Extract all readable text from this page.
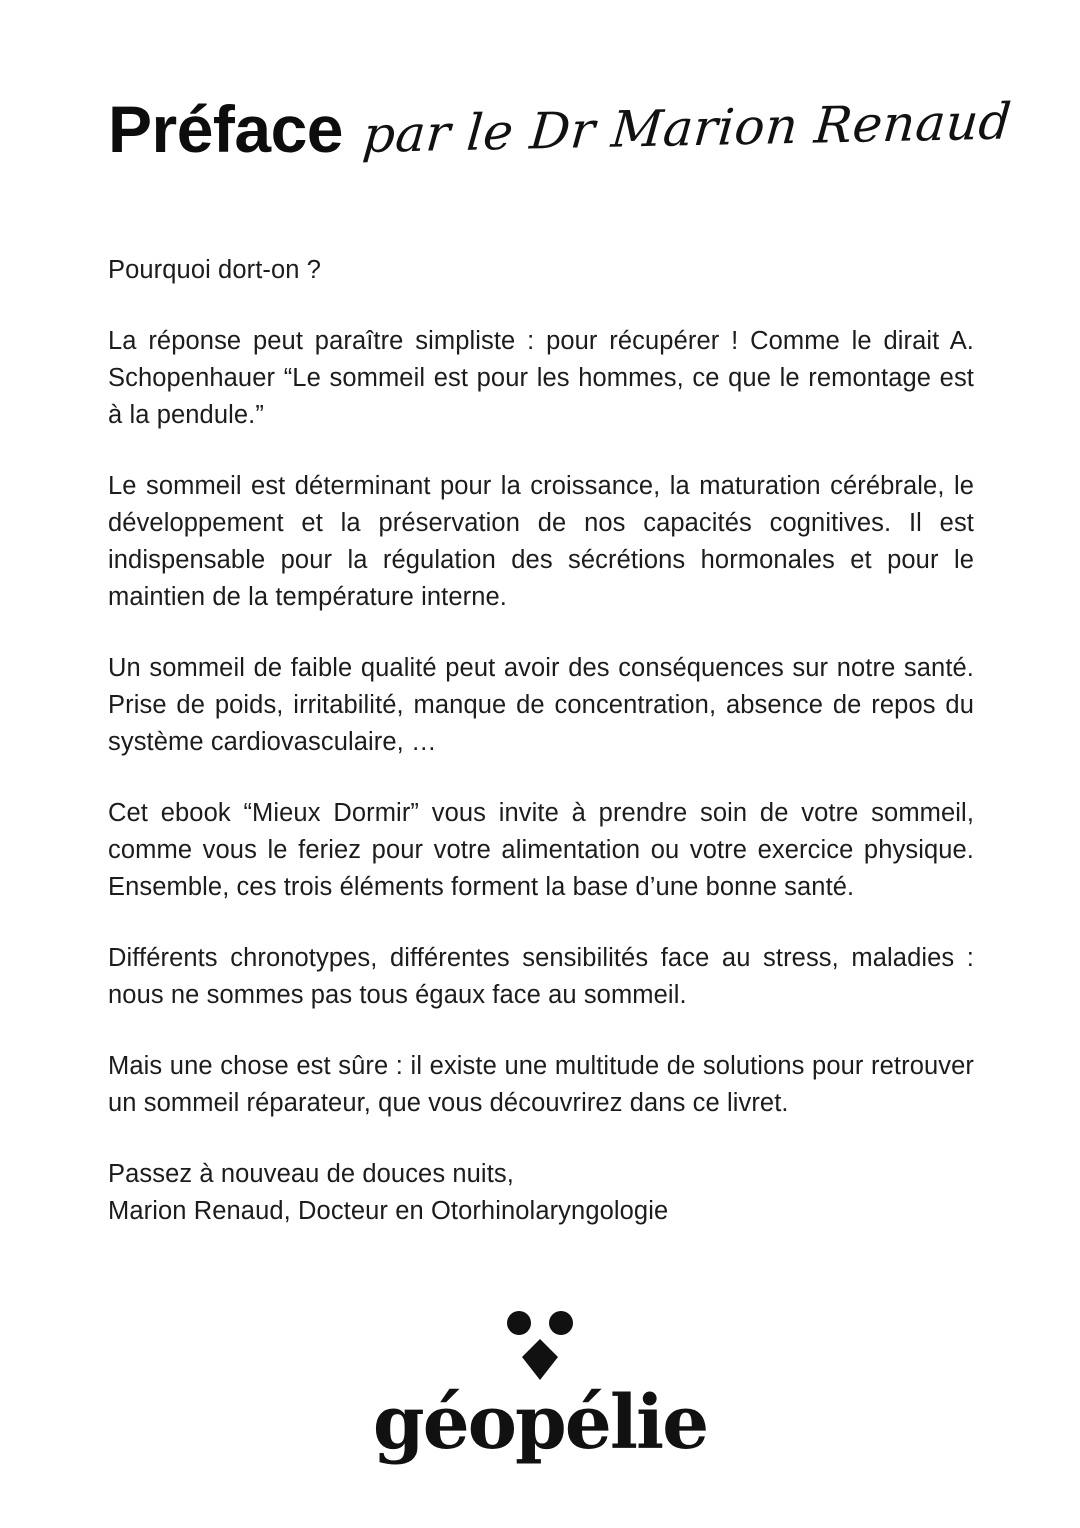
Préface par le Dr Marion Renaud

Pourquoi dort-on ?

La réponse peut paraître simpliste : pour récupérer ! Comme le dirait A. Schopenhauer “Le sommeil est pour les hommes, ce que le remontage est à la pendule.”

Le sommeil est déterminant pour la croissance, la maturation cérébrale, le développement et la préservation de nos capacités cognitives. Il est indispensable pour la régulation des sécrétions hormonales et pour le maintien de la température interne.

Un sommeil de faible qualité peut avoir des conséquences sur notre santé.  Prise de poids, irritabilité, manque de concentration, absence de repos du système cardiovasculaire, …

Cet ebook “Mieux Dormir” vous invite à prendre soin de votre sommeil, comme vous le feriez pour votre alimentation ou votre exercice physique. Ensemble, ces trois éléments forment la base d’une bonne santé.

Différents chronotypes, différentes sensibilités face au stress, maladies : nous ne sommes pas tous égaux face au sommeil.

Mais une chose est sûre : il existe une multitude de solutions pour retrouver un sommeil réparateur, que vous découvrirez dans ce livret.

Passez à nouveau de douces nuits,

Marion Renaud, Docteur en Otorhinolaryngologie

géopélie
